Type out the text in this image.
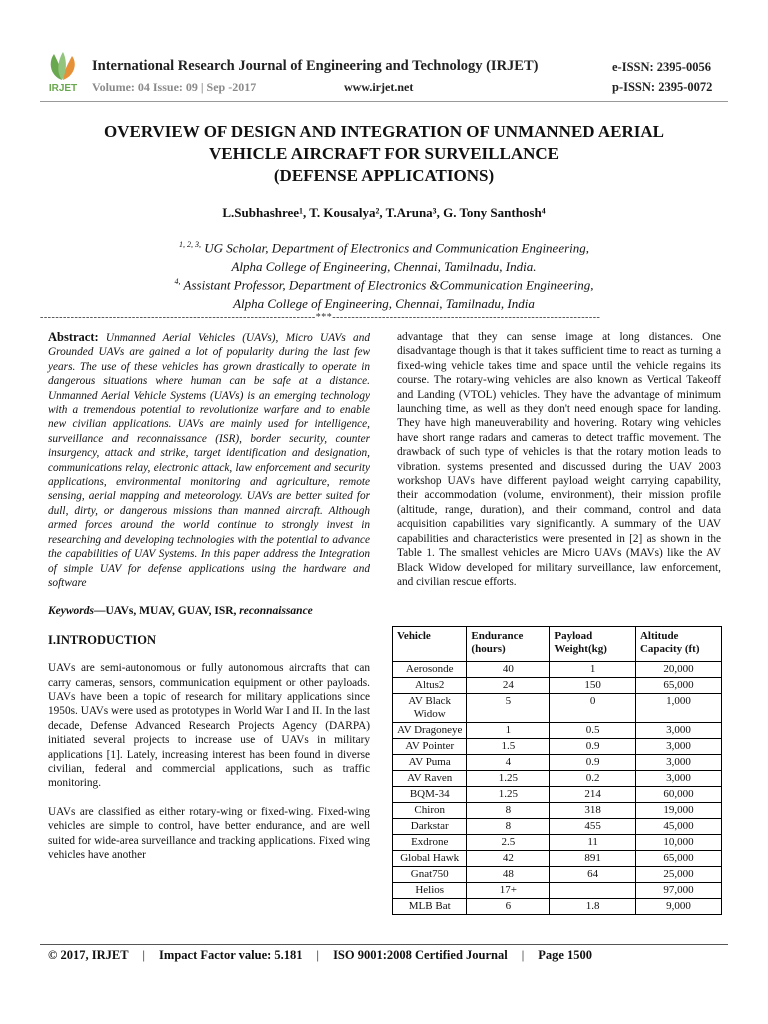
IRJET
International Research Journal of Engineering and Technology (IRJET)	e-ISSN: 2395-0056
Volume: 04 Issue: 09 | Sep -2017	www.irjet.net	p-ISSN: 2395-0072
OVERVIEW OF DESIGN AND INTEGRATION OF UNMANNED AERIAL
VEHICLE AIRCRAFT FOR SURVEILLANCE
(DEFENSE APPLICATIONS)
L.Subhashree¹, T. Kousalya², T.Aruna³, G. Tony Santhosh⁴
$^{1, 2, 3,}$ UG Scholar, Department of Electronics and Communication Engineering,
Alpha College of Engineering, Chennai, Tamilnadu, India.
$^{4,}$ Assistant Professor, Department of Electronics &Communication Engineering,
Alpha College of Engineering, Chennai, Tamilnadu, India
------------------------------------------------------------------------***----------------------------------------------------------------------
Abstract: Unmanned Aerial Vehicles (UAVs), Micro UAVs and Grounded UAVs are gained a lot of popularity during the last few years. The use of these vehicles has grown drastically to operate in dangerous situations where human can be safe at a distance. Unmanned Aerial Vehicle Systems (UAVs) is an emerging technology with a tremendous potential to revolutionize warfare and to enable new civilian applications. UAVs are mainly used for intelligence, surveillance and reconnaissance (ISR), border security, counter insurgency, attack and strike, target identification and designation, communications relay, electronic attack, law enforcement and security applications, environmental monitoring and agriculture, remote sensing, aerial mapping and meteorology. UAVs are better suited for dull, dirty, or dangerous missions than manned aircraft. Although armed forces around the world continue to strongly invest in researching and developing technologies with the potential to advance the capabilities of UAV Systems. In this paper address the Integration of simple UAV for defense applications using the hardware and software
Keywords—UAVs, MUAV, GUAV, ISR, reconnaissance
I.INTRODUCTION

UAVs are semi-autonomous or fully autonomous aircrafts that can carry cameras, sensors, communication equipment or other payloads. UAVs have been a topic of research for military applications since 1950s. UAVs were used as prototypes in World War I and II. In the last decade, Defense Advanced Research Projects Agency (DARPA) initiated several projects to increase use of UAVs in military applications [1]. Lately, increasing interest has been found in diverse civilian, federal and commercial applications, such as traffic monitoring.

UAVs are classified as either rotary-wing or fixed-wing. Fixed-wing vehicles are simple to control, have better endurance, and are well suited for wide-area surveillance and tracking applications. Fixed wing vehicles have another

advantage that they can sense image at long distances. One disadvantage though is that it takes sufficient time to react as turning a fixed-wing vehicle takes time and space until the vehicle regains its course. The rotary-wing vehicles are also known as Vertical Takeoff and Landing (VTOL) vehicles. They have the advantage of minimum launching time, as well as they don't need enough space for landing. They have high maneuverability and hovering. Rotary wing vehicles have short range radars and cameras to detect traffic movement. The drawback of such type of vehicles is that the rotary motion leads to vibration. systems presented and discussed during the UAV 2003 workshop UAVs have different payload weight carrying capability, their accommodation (volume, environment), their mission profile (altitude, range, duration), and their command, control and data acquisition capabilities vary significantly. A summary of the UAV capabilities and characteristics were presented in [2] as shown in the Table 1. The smallest vehicles are Micro UAVs (MAVs) like the AV Black Widow developed for military surveillance, law enforcement, and civilian rescue efforts.

Vehicle	Endurance (hours)	Payload Weight(kg)	Altitude Capacity (ft)
Aerosonde	40	1	20,000
Altus2	24	150	65,000
AV Black Widow	5	0	1,000
AV Dragoneye	1	0.5	3,000
AV Pointer	1.5	0.9	3,000
AV Puma	4	0.9	3,000
AV Raven	1.25	0.2	3,000
BQM-34	1.25	214	60,000
Chiron	8	318	19,000
Darkstar	8	455	45,000
Exdrone	2.5	11	10,000
Global Hawk	42	891	65,000
Gnat750	48	64	25,000
Helios	17+		97,000
MLB Bat	6	1.8	9,000
© 2017, IRJET | Impact Factor value: 5.181 | ISO 9001:2008 Certified Journal | Page 1500
